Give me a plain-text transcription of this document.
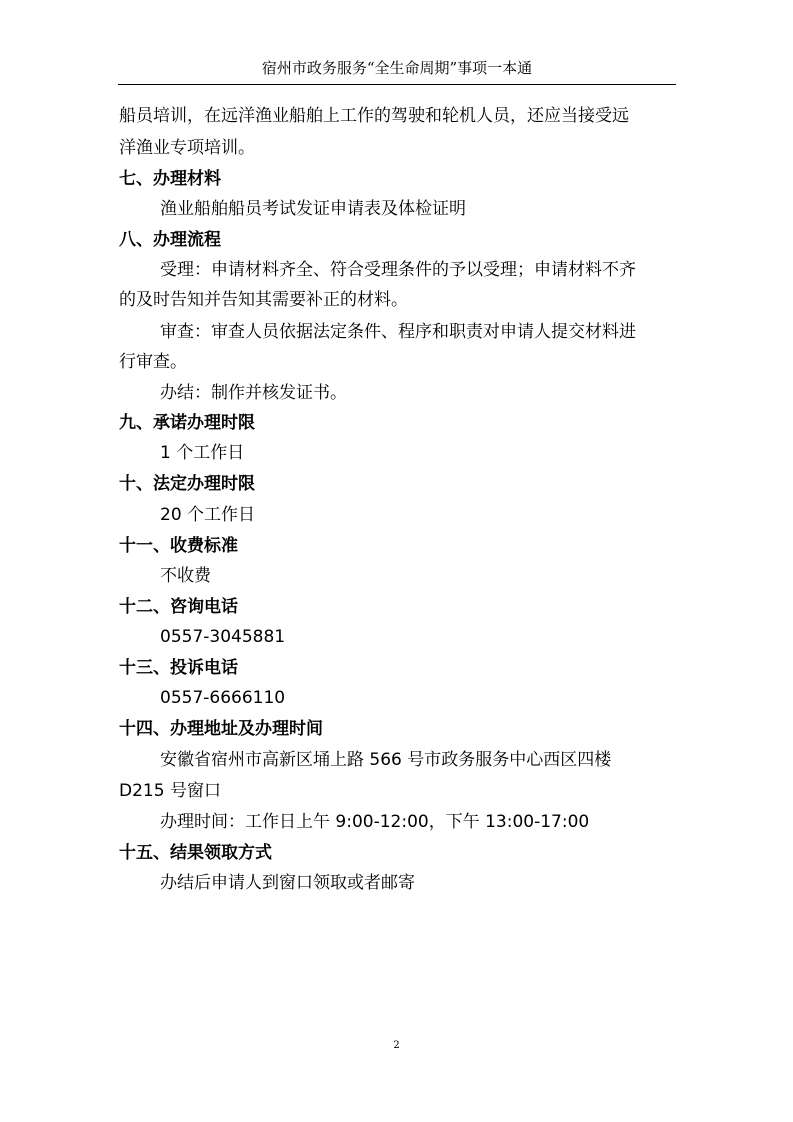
宿州市政务服务“全生命周期”事项一本通
船员培训，在远洋渔业船舶上工作的驾驶和轮机人员，还应当接受远
洋渔业专项培训。
七、办理材料
渔业船舶船员考试发证申请表及体检证明
八、办理流程
受理：申请材料齐全、符合受理条件的予以受理；申请材料不齐
的及时告知并告知其需要补正的材料。
审查：审查人员依据法定条件、程序和职责对申请人提交材料进
行审查。
办结：制作并核发证书。
九、承诺办理时限
1 个工作日
十、法定办理时限
20 个工作日
十一、收费标准
不收费
十二、咨询电话
0557-3045881
十三、投诉电话
0557-6666110
十四、办理地址及办理时间
安徽省宿州市高新区埇上路 566 号市政务服务中心西区四楼
D215 号窗口
办理时间：工作日上午 9:00-12:00，下午 13:00-17:00
十五、结果领取方式
办结后申请人到窗口领取或者邮寄
2
